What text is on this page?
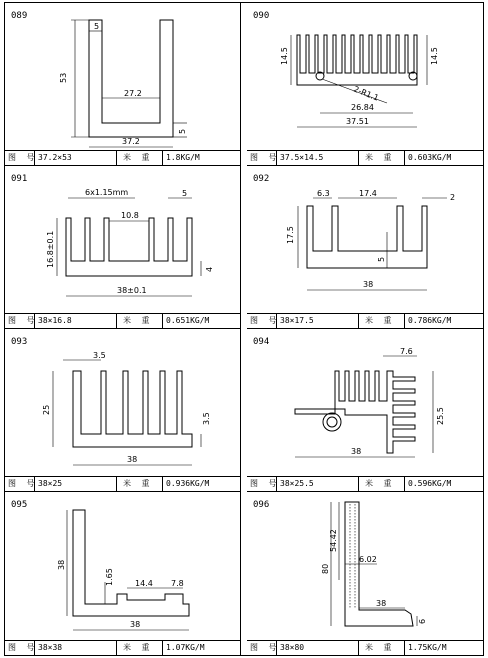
089
53
5
27.2
37.2
5
图 号 37.2×53	米 重	1.8KG/M
090
14.5	14.5
2-R1.1
26.84
37.51
图 号 37.5×14.5	米 重	0.603KG/M
091
6x1.15mm
10.8
5
16.8±0.1
4
38±0.1
图 号 38×16.8	米 重	0.651KG/M
092
6.3	17.4	2
17.5
5
38
图 号 38×17.5	米 重	0.786KG/M
093
3.5
25
3.5
38
图 号 38×25	米 重	0.936KG/M
094
7.6
25.5
38
图 号 38×25.5	米 重	0.596KG/M
095
38
1.65	14.4 7.8
38
图 号 38×38	米 重	1.07KG/M
096
80
54.42
6.02
38
6
图 号 38×80	米 重	1.75KG/M
